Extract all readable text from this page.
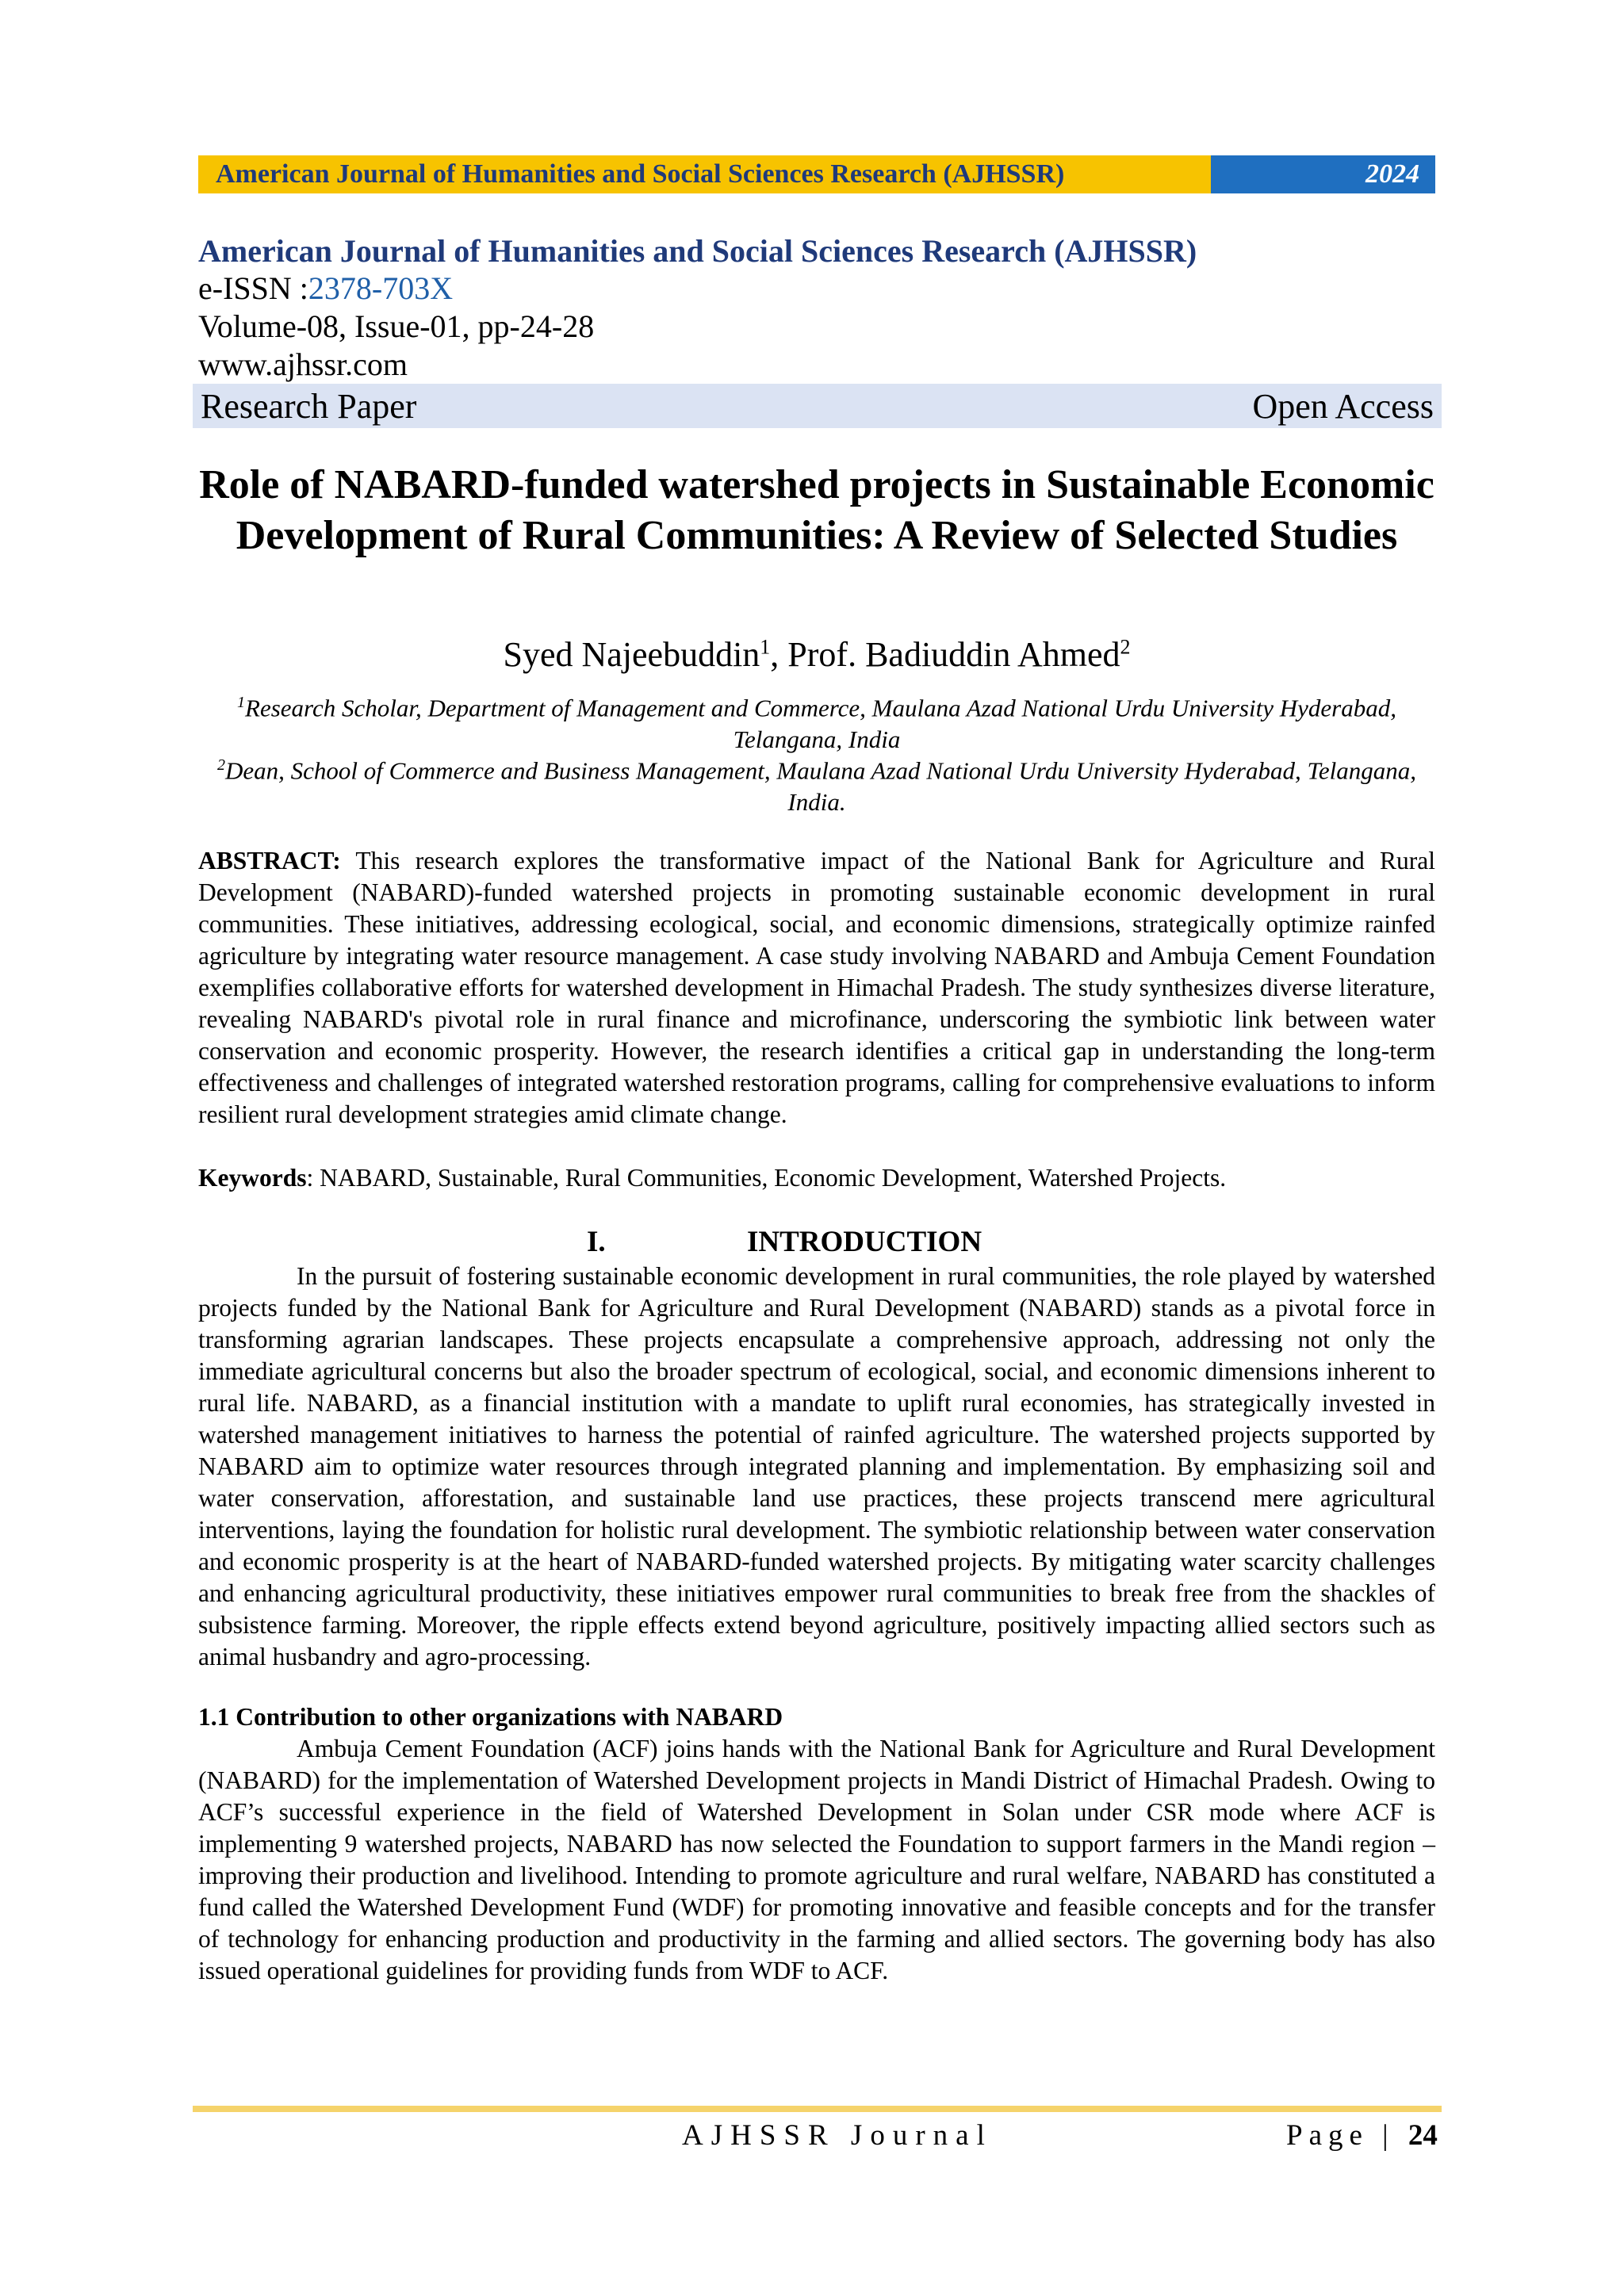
American Journal of Humanities and Social Sciences Research (AJHSSR)	2024
American Journal of Humanities and Social Sciences Research (AJHSSR)
e-ISSN :2378-703X
Volume-08, Issue-01, pp-24-28
www.ajhssr.com
Research Paper	Open Access
Role of NABARD-funded watershed projects in Sustainable Economic Development of Rural Communities: A Review of Selected Studies
Syed Najeebuddin$^1$, Prof. Badiuddin Ahmed$^2$
$^1$Research Scholar, Department of Management and Commerce, Maulana Azad National Urdu University Hyderabad, Telangana, India
$^2$Dean, School of Commerce and Business Management, Maulana Azad National Urdu University Hyderabad, Telangana, India.
ABSTRACT: This research explores the transformative impact of the National Bank for Agriculture and Rural Development (NABARD)-funded watershed projects in promoting sustainable economic development in rural communities. These initiatives, addressing ecological, social, and economic dimensions, strategically optimize rainfed agriculture by integrating water resource management. A case study involving NABARD and Ambuja Cement Foundation exemplifies collaborative efforts for watershed development in Himachal Pradesh. The study synthesizes diverse literature, revealing NABARD's pivotal role in rural finance and microfinance, underscoring the symbiotic link between water conservation and economic prosperity. However, the research identifies a critical gap in understanding the long-term effectiveness and challenges of integrated watershed restoration programs, calling for comprehensive evaluations to inform resilient rural development strategies amid climate change.
Keywords: NABARD, Sustainable, Rural Communities, Economic Development, Watershed Projects.
I.	INTRODUCTION
In the pursuit of fostering sustainable economic development in rural communities, the role played by watershed projects funded by the National Bank for Agriculture and Rural Development (NABARD) stands as a pivotal force in transforming agrarian landscapes. These projects encapsulate a comprehensive approach, addressing not only the immediate agricultural concerns but also the broader spectrum of ecological, social, and economic dimensions inherent to rural life. NABARD, as a financial institution with a mandate to uplift rural economies, has strategically invested in watershed management initiatives to harness the potential of rainfed agriculture. The watershed projects supported by NABARD aim to optimize water resources through integrated planning and implementation. By emphasizing soil and water conservation, afforestation, and sustainable land use practices, these projects transcend mere agricultural interventions, laying the foundation for holistic rural development. The symbiotic relationship between water conservation and economic prosperity is at the heart of NABARD-funded watershed projects. By mitigating water scarcity challenges and enhancing agricultural productivity, these initiatives empower rural communities to break free from the shackles of subsistence farming. Moreover, the ripple effects extend beyond agriculture, positively impacting allied sectors such as animal husbandry and agro-processing.
1.1 Contribution to other organizations with NABARD
Ambuja Cement Foundation (ACF) joins hands with the National Bank for Agriculture and Rural Development (NABARD) for the implementation of Watershed Development projects in Mandi District of Himachal Pradesh. Owing to ACF’s successful experience in the field of Watershed Development in Solan under CSR mode where ACF is implementing 9 watershed projects, NABARD has now selected the Foundation to support farmers in the Mandi region – improving their production and livelihood. Intending to promote agriculture and rural welfare, NABARD has constituted a fund called the Watershed Development Fund (WDF) for promoting innovative and feasible concepts and for the transfer of technology for enhancing production and productivity in the farming and allied sectors. The governing body has also issued operational guidelines for providing funds from WDF to ACF.
AJHSSR Journal	Page | 24
